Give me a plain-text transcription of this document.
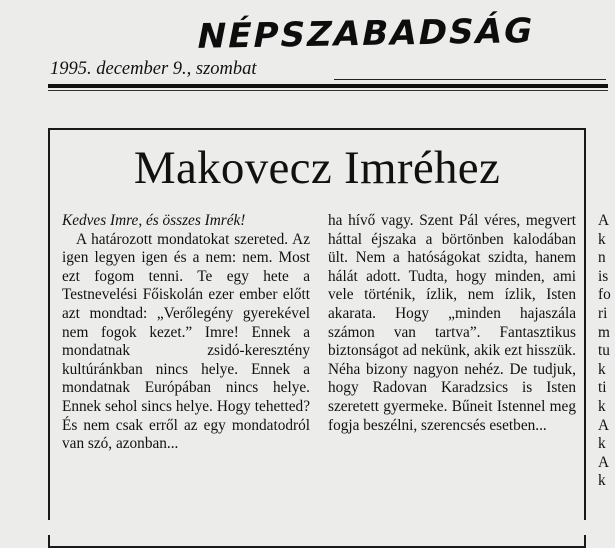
NÉPSZABADSÁG
1995. december 9., szombat
Makovecz Imréhez

Kedves Imre, és összes Imrék!

A határozott mondatokat szereted. Az igen legyen igen és a nem: nem. Most ezt fogom tenni. Te egy hete a Testnevelési Főiskolán ezer ember előtt azt mondtad: „Verőlegény gyerekével nem fogok kezet.” Imre! Ennek a mondatnak zsidó-keresztény kultúránkban nincs helye. Ennek a mondatnak Európában nincs helye. Ennek sehol sincs helye. Hogy tehetted? És nem csak erről az egy mondatodról van szó, azonban...

ha hívő vagy. Szent Pál véres, megvert háttal éjszaka a börtönben kalodában ült. Nem a hatóságokat szidta, hanem hálát adott. Tudta, hogy minden, ami vele történik, ízlik, nem ízlik, Isten akarata. Hogy „minden hajaszála számon van tartva”. Fantasztikus biztonságot ad nekünk, akik ezt hisszük. Néha bizony nagyon nehéz. De tudjuk, hogy Radovan Karadzsics is Isten szeretett gyermeke. Bűneit Istennel meg fogja beszélni, szerencsés esetben...

A
k
n
is
fo
ri
m
tu
k
ti
k
A
k
A
k
